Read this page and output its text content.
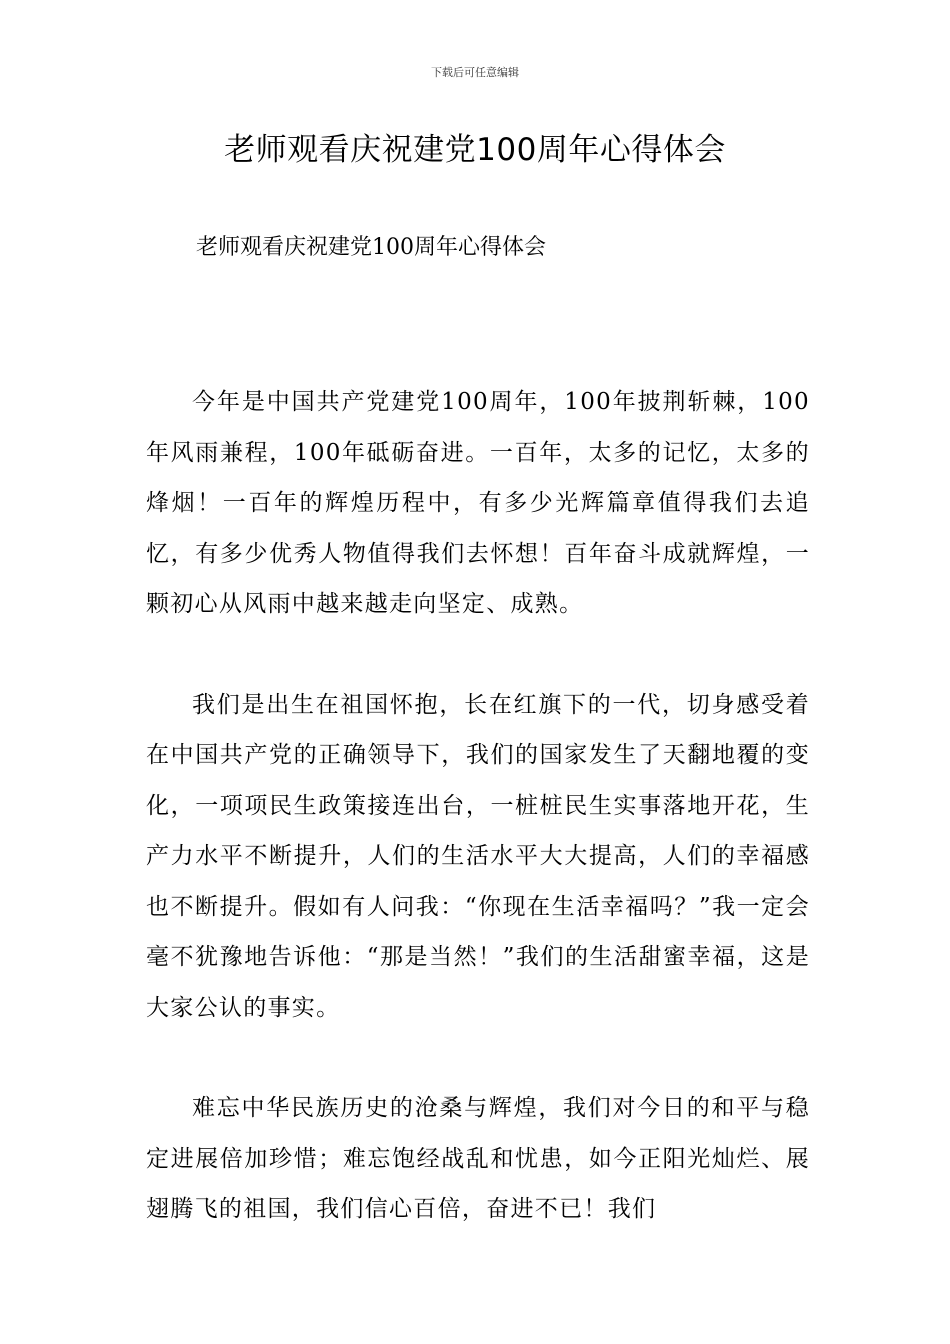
下载后可任意编辑
老师观看庆祝建党100周年心得体会

老师观看庆祝建党100周年心得体会

今年是中国共产党建党100周年，100年披荆斩棘，100年风雨兼程，100年砥砺奋进。一百年，太多的记忆，太多的烽烟！一百年的辉煌历程中，有多少光辉篇章值得我们去追忆，有多少优秀人物值得我们去怀想！百年奋斗成就辉煌，一颗初心从风雨中越来越走向坚定、成熟。

我们是出生在祖国怀抱，长在红旗下的一代，切身感受着在中国共产党的正确领导下，我们的国家发生了天翻地覆的变化，一项项民生政策接连出台，一桩桩民生实事落地开花，生产力水平不断提升，人们的生活水平大大提高，人们的幸福感也不断提升。假如有人问我：“你现在生活幸福吗？”我一定会毫不犹豫地告诉他：“那是当然！”我们的生活甜蜜幸福，这是大家公认的事实。

难忘中华民族历史的沧桑与辉煌，我们对今日的和平与稳定进展倍加珍惜；难忘饱经战乱和忧患，如今正阳光灿烂、展翅腾飞的祖国，我们信心百倍，奋进不已！我们
